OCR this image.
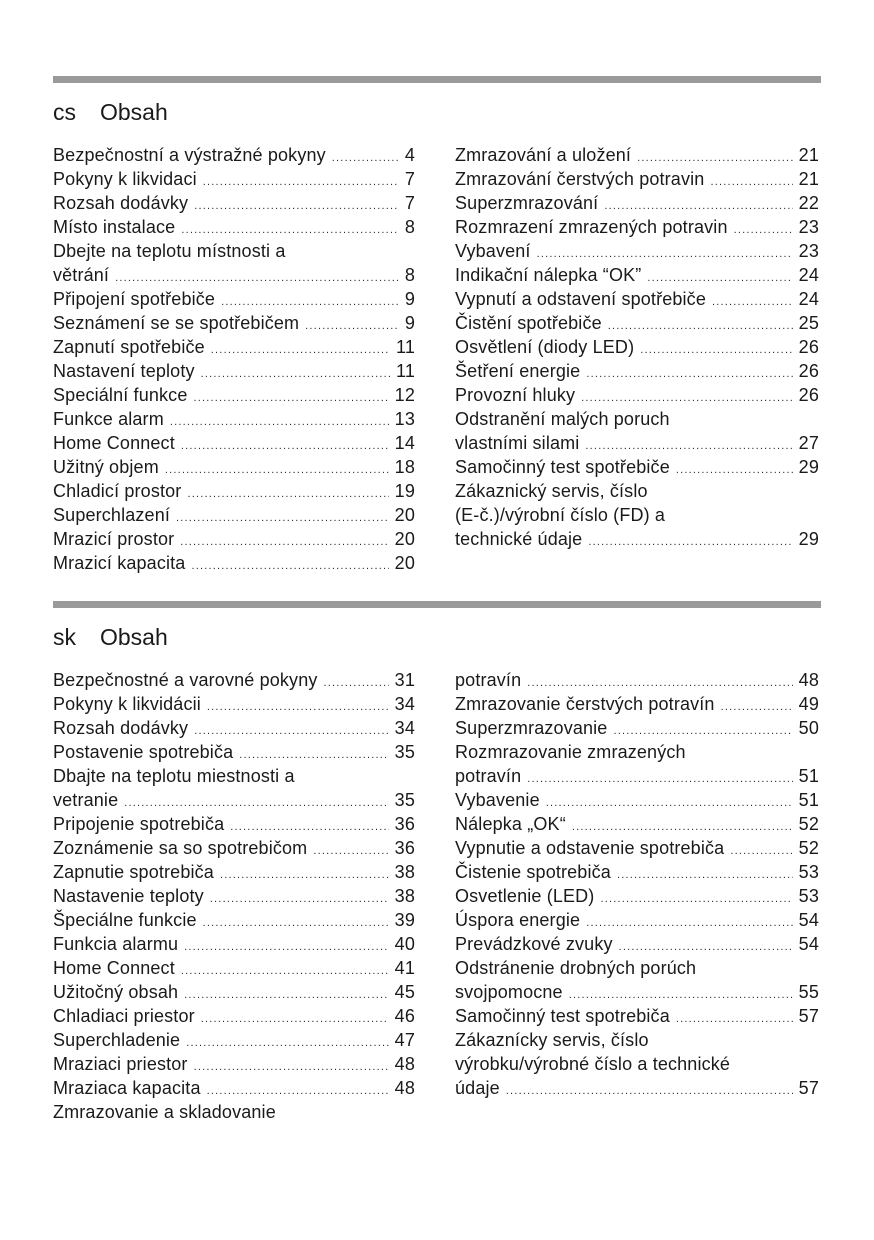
cs Obsah
Bezpečnostní a výstražné pokyny .....	4
Pokyny k likvidaci .....	7
Rozsah dodávky .....	7
Místo instalace .....	8
Dbejte na teplotu místnosti a
větrání .....	8
Připojení spotřebiče .....	9
Seznámení se se spotřebičem .....	9
Zapnutí spotřebiče .....	11
Nastavení teploty .....	11
Speciální funkce .....	12
Funkce alarm .....	13
Home Connect .....	14
Užitný objem .....	18
Chladicí prostor .....	19
Superchlazení .....	20
Mrazicí prostor .....	20
Mrazicí kapacita .....	20
Zmrazování a uložení .....	21
Zmrazování čerstvých potravin .....	21
Superzmrazování .....	22
Rozmrazení zmrazených potravin .....	23
Vybavení .....	23
Indikační nálepka “OK” .....	24
Vypnutí a odstavení spotřebiče .....	24
Čistění spotřebiče .....	25
Osvětlení (diody LED) .....	26
Šetření energie .....	26
Provozní hluky .....	26
Odstranění malých poruch
vlastními silami .....	27
Samočinný test spotřebiče .....	29
Zákaznický servis, číslo
(E-č.)/výrobní číslo (FD) a
technické údaje .....	29
sk Obsah
Bezpečnostné a varovné pokyny .....	31
Pokyny k likvidácii .....	34
Rozsah dodávky .....	34
Postavenie spotrebiča .....	35
Dbajte na teplotu miestnosti a
vetranie .....	35
Pripojenie spotrebiča .....	36
Zoznámenie sa so spotrebičom .....	36
Zapnutie spotrebiča .....	38
Nastavenie teploty .....	38
Špeciálne funkcie .....	39
Funkcia alarmu .....	40
Home Connect .....	41
Užitočný obsah .....	45
Chladiaci priestor .....	46
Superchladenie .....	47
Mraziaci priestor .....	48
Mraziaca kapacita .....	48
Zmrazovanie a skladovanie
potravín .....	48
Zmrazovanie čerstvých potravín .....	49
Superzmrazovanie .....	50
Rozmrazovanie zmrazených
potravín .....	51
Vybavenie .....	51
Nálepka „OK“ .....	52
Vypnutie a odstavenie spotrebiča .....	52
Čistenie spotrebiča .....	53
Osvetlenie (LED) .....	53
Úspora energie .....	54
Prevádzkové zvuky .....	54
Odstránenie drobných porúch
svojpomocne .....	55
Samočinný test spotrebiča .....	57
Zákaznícky servis, číslo
výrobku/výrobné číslo a technické
údaje .....	57
